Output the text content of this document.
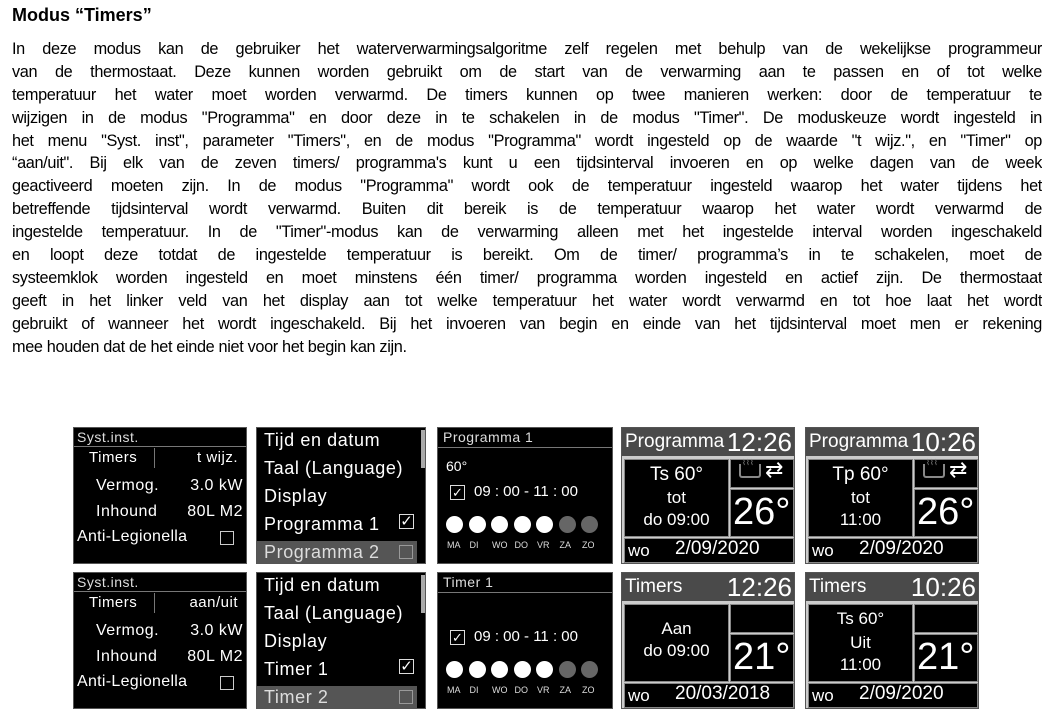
Modus “Timers”
In deze modus kan de gebruiker het waterverwarmingsalgoritme zelf regelen met behulp van de wekelijkse programmeur
van de thermostaat. Deze kunnen worden gebruikt om de start van de verwarming aan te passen en of tot welke
temperatuur het water moet worden verwarmd. De timers kunnen op twee manieren werken: door de temperatuur te
wijzigen in de modus "Programma" en door deze in te schakelen in de modus "Timer". De moduskeuze wordt ingesteld in
het menu "Syst. inst", parameter "Timers", en de modus "Programma" wordt ingesteld op de waarde "t wijz.", en "Timer" op
“aan/uit". Bij elk van de zeven timers/ programma's kunt u een tijdsinterval invoeren en op welke dagen van de week
geactiveerd moeten zijn. In de modus "Programma" wordt ook de temperatuur ingesteld waarop het water tijdens het
betreffende tijdsinterval wordt verwarmd. Buiten dit bereik is de temperatuur waarop het water wordt verwarmd de
ingestelde temperatuur. In de "Timer"-modus kan de verwarming alleen met het ingestelde interval worden ingeschakeld
en loopt deze totdat de ingestelde temperatuur is bereikt. Om de timer/ programma’s in te schakelen, moet de
systeemklok worden ingesteld en moet minstens één timer/ programma worden ingesteld en actief zijn. De thermostaat
geeft in het linker veld van het display aan tot welke temperatuur het water wordt verwarmd en tot hoe laat het wordt
gebruikt of wanneer het wordt ingeschakeld. Bij het invoeren van begin en einde van het tijdsinterval moet men er rekening
mee houden dat de het einde niet voor het begin kan zijn.
Syst.inst.
Timers	t wijz.
Vermog. 3.0 kW
Inhound 80L M2
Anti-Legionella
Tijd en datum
Taal (Language)
Display
Programma 1
Programma 2
✓
Programma 1
60°
✓ 09 : 00 - 11 : 00
MA DI WO DO VR ZA ZO
Programma 12:26
Ts 60°
tot
do 09:00
⌇⌇⌇ ⇄
26°
wo 2/09/2020
Programma 10:26
Tp 60°
tot
11:00
⌇⌇⌇ ⇄
26°
wo 2/09/2020
Syst.inst.
Timers	aan/uit
Vermog. 3.0 kW
Inhound 80L M2
Anti-Legionella
Tijd en datum
Taal (Language)
Display
Timer 1
Timer 2
✓
Timer 1
✓ 09 : 00 - 11 : 00
MA DI WO DO VR ZA ZO
Timers 12:26
Aan
do 09:00 21°
wo 20/03/2018
Timers 10:26
Ts 60°
Uit
11:00 21°
wo 2/09/2020
